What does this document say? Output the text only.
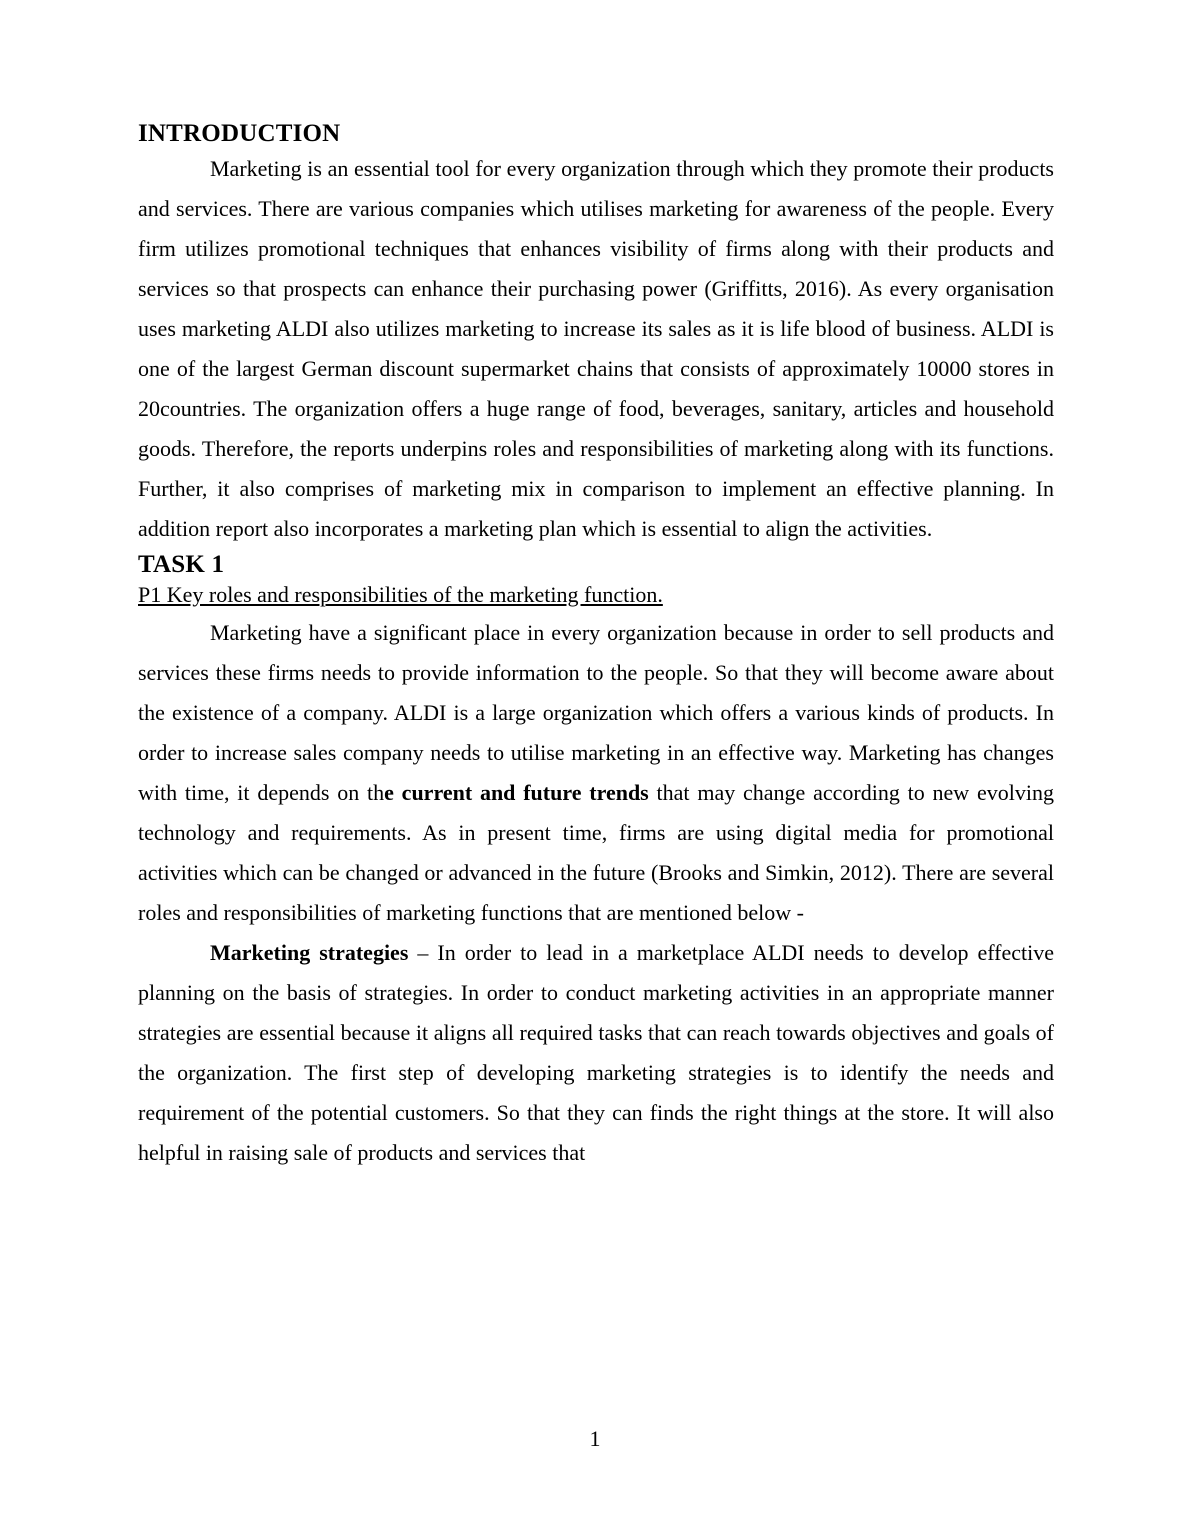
INTRODUCTION

Marketing is an essential tool for every organization through which they promote their products and services. There are various companies which utilises marketing for awareness of the people. Every firm utilizes promotional techniques that enhances visibility of firms along with their products and services so that prospects can enhance their purchasing power (Griffitts, 2016). As every organisation uses marketing ALDI also utilizes marketing to increase its sales as it is life blood of business. ALDI is one of the largest German discount supermarket chains that consists of approximately 10000 stores in 20countries. The organization offers a huge range of food, beverages, sanitary, articles and household goods. Therefore, the reports underpins roles and responsibilities of marketing along with its functions. Further, it also comprises of marketing mix in comparison to implement an effective planning. In addition report also incorporates a marketing plan which is essential to align the activities.

TASK 1
P1 Key roles and responsibilities of the marketing function.

Marketing have a significant place in every organization because in order to sell products and services these firms needs to provide information to the people. So that they will become aware about the existence of a company. ALDI is a large organization which offers a various kinds of products. In order to increase sales company needs to utilise marketing in an effective way. Marketing has changes with time, it depends on the current and future trends that may change according to new evolving technology and requirements. As in present time, firms are using digital media for promotional activities which can be changed or advanced in the future (Brooks and Simkin, 2012). There are several roles and responsibilities of marketing functions that are mentioned below -

Marketing strategies – In order to lead in a marketplace ALDI needs to develop effective planning on the basis of strategies. In order to conduct marketing activities in an appropriate manner strategies are essential because it aligns all required tasks that can reach towards objectives and goals of the organization. The first step of developing marketing strategies is to identify the needs and requirement of the potential customers. So that they can finds the right things at the store. It will also helpful in raising sale of products and services that

1
